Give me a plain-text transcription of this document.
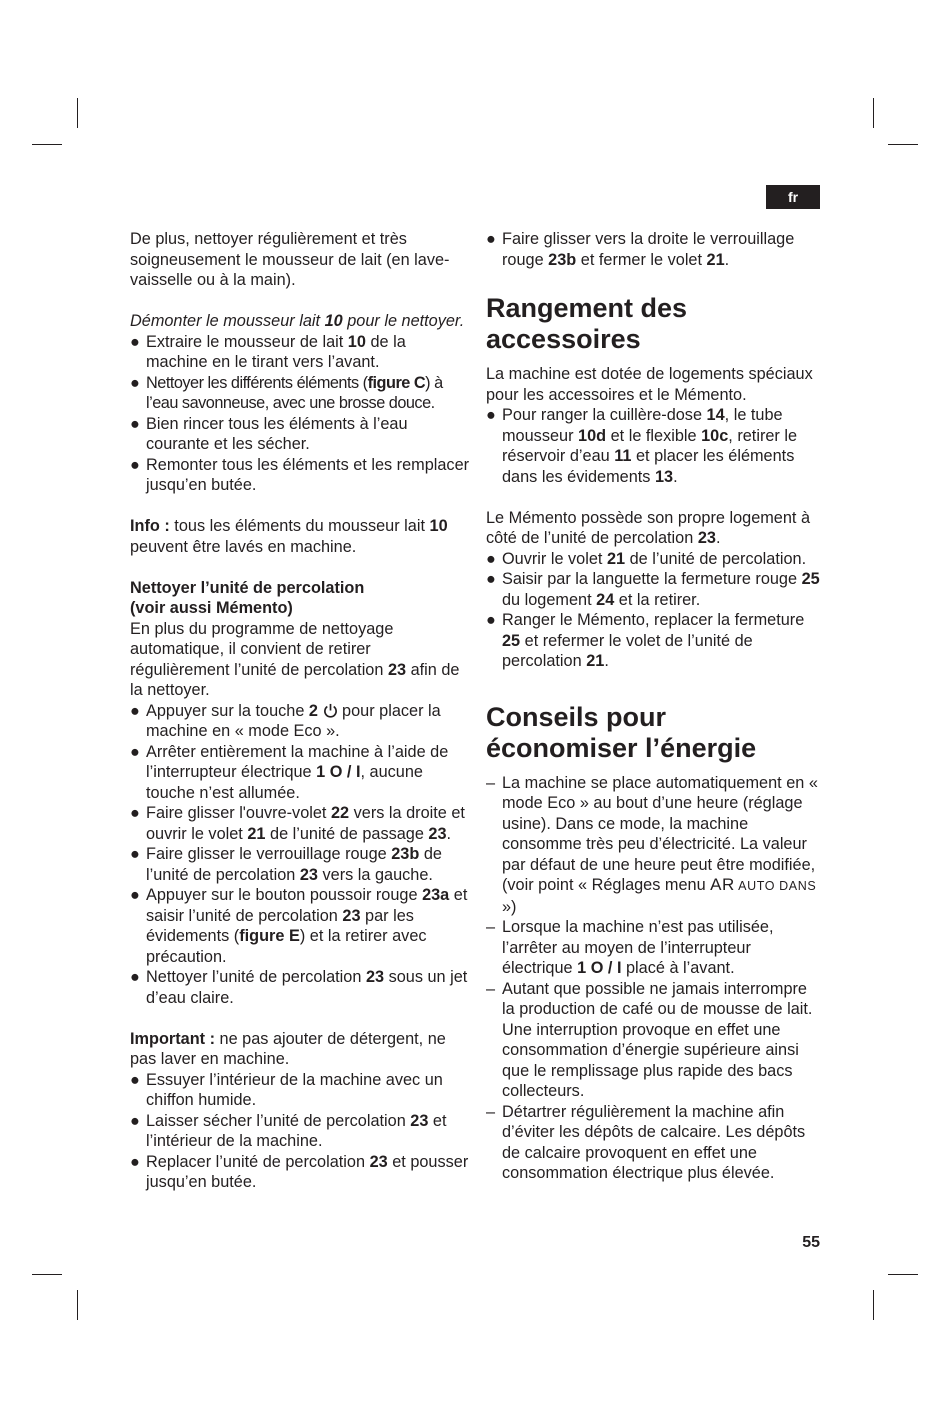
fr

De plus, nettoyer régulièrement et très soigneusement le mousseur de lait (en lave-vaisselle ou à la main).

Démonter le mousseur lait 10 pour le nettoyer.

● Extraire le mousseur de lait 10 de la machine en le tirant vers l’avant.
● Nettoyer les différents éléments (figure C) à l’eau savonneuse, avec une brosse douce.
● Bien rincer tous les éléments à l’eau courante et les sécher.
● Remonter tous les éléments et les remplacer jusqu’en butée.

Info : tous les éléments du mousseur lait 10 peuvent être lavés en machine.

Nettoyer l’unité de percolation
(voir aussi Mémento)

En plus du programme de nettoyage automatique, il convient de retirer régulièrement l’unité de percolation 23 afin de la nettoyer.

● Appuyer sur la touche 2  pour placer la machine en « mode Eco ».
● Arrêter entièrement la machine à l’aide de l’interrupteur électrique 1 O / I, aucune touche n’est allumée.
● Faire glisser l'ouvre-volet 22 vers la droite et ouvrir le volet 21 de l’unité de passage 23.
● Faire glisser le verrouillage rouge 23b de l’unité de percolation 23 vers la gauche.
● Appuyer sur le bouton poussoir rouge 23a et saisir l’unité de percolation 23 par les évidements (figure E) et la retirer avec précaution.
● Nettoyer l’unité de percolation 23 sous un jet d’eau claire.

Important : ne pas ajouter de détergent, ne pas laver en machine.

● Essuyer l’intérieur de la machine avec un chiffon humide.
● Laisser sécher l’unité de percolation 23 et l’intérieur de la machine.
● Replacer l’unité de percolation 23 et pousser jusqu’en butée.
● Faire glisser vers la droite le verrouillage rouge 23b et fermer le volet 21.
Rangement des accessoires

La machine est dotée de logements spéciaux pour les accessoires et le Mémento.

● Pour ranger la cuillère-dose 14, le tube mousseur 10d et le flexible 10c, retirer le réservoir d’eau 11 et placer les éléments dans les évidements 13.

Le Mémento possède son propre logement à côté de l’unité de percolation 23.

● Ouvrir le volet 21 de l’unité de percolation.
● Saisir par la languette la fermeture rouge 25 du logement 24 et la retirer.
● Ranger le Mémento, replacer la fermeture 25 et refermer le volet de l’unité de percolation 21.
Conseils pour économiser l’énergie
– La machine se place automatiquement en « mode Eco » au bout d’une heure (réglage usine). Dans ce mode, la machine consomme très peu d’électricité. La valeur par défaut de une heure peut être modifiée, (voir point « Réglages menu AR AUTO DANS »)
– Lorsque la machine n’est pas utilisée, l’arrêter au moyen de l’interrupteur électrique 1 O / I placé à l’avant.
– Autant que possible ne jamais interrompre la production de café ou de mousse de lait. Une interruption provoque en effet une consommation d’énergie supérieure ainsi que le remplissage plus rapide des bacs collecteurs.
– Détartrer régulièrement la machine afin d’éviter les dépôts de calcaire. Les dépôts de calcaire provoquent en effet une consommation électrique plus élevée.
55
